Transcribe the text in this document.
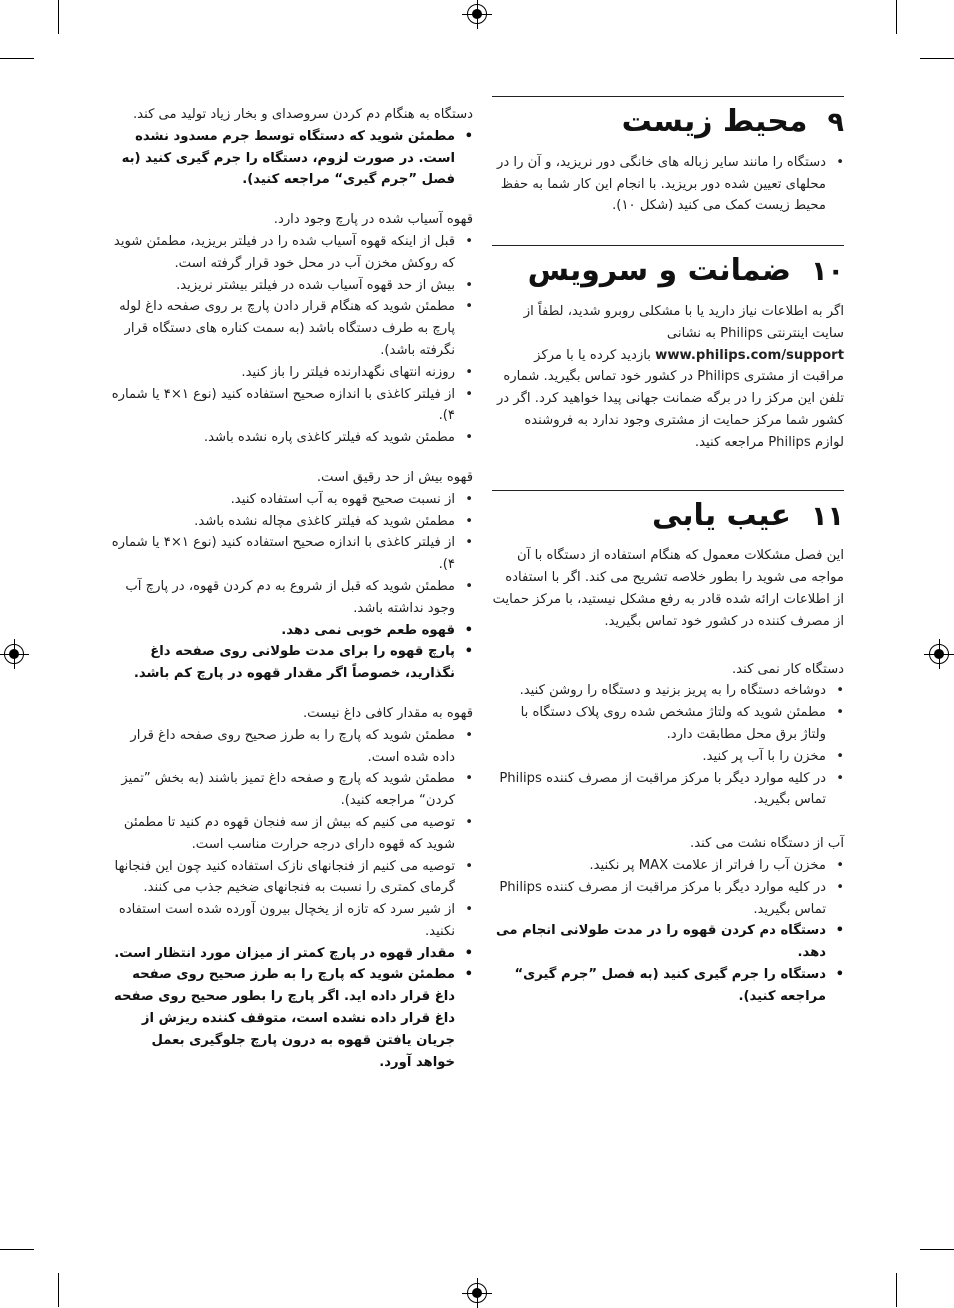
دستگاه به هنگام دم کردن سروصدای و بخار زیاد تولید می کند.

• مطمئن شوید که دستگاه توسط جرم مسدود نشده است. در صورت لزوم، دستگاه را جرم گیری کنید (به فصل ”جرم گیری“ مراجعه کنید).

قهوه آسیاب شده در پارچ وجود دارد.

• قبل از اینکه قهوه آسیاب شده را در فیلتر بریزید، مطمئن شوید که روکش مخزن آب در محل خود قرار گرفته است.
• بیش از حد قهوه آسیاب شده در فیلتر بیشتر نریزید.
• مطمئن شوید که هنگام قرار دادن پارچ بر روی صفحه داغ لوله پارچ به طرف دستگاه باشد (به سمت کناره های دستگاه قرار نگرفته باشد).
• روزنه انتهای نگهدارنده فیلتر را باز کنید.
• از فیلتر کاغذی با اندازه صحیح استفاده کنید (نوع ۱×۴ یا شماره ۴).
• مطمئن شوید که فیلتر کاغذی پاره نشده باشد.

قهوه بیش از حد رقیق است.

• از نسبت صحیح قهوه به آب استفاده کنید.
• مطمئن شوید که فیلتر کاغذی مچاله نشده باشد.
• از فیلتر کاغذی با اندازه صحیح استفاده کنید (نوع ۱×۴ یا شماره ۴).
• مطمئن شوید که قبل از شروع به دم کردن قهوه، در پارچ آب وجود نداشته باشد.
• قهوه طعم خوبی نمی دهد.
• پارچ قهوه را برای مدت طولانی روی صفحه داغ نگذارید، خصوصاً اگر مقدار قهوه در پارچ کم باشد.

قهوه به مقدار کافی داغ نیست.

• مطمئن شوید که پارچ را به طرز صحیح روی صفحه داغ قرار داده شده است.
• مطمئن شوید که پارچ و صفحه داغ تمیز باشند (به بخش ”تمیز کردن“ مراجعه کنید).
• توصیه می کنیم که بیش از سه فنجان قهوه دم کنید تا مطمئن شوید که قهوه دارای درجه حرارت مناسب است.
• توصیه می کنیم از فنجانهای نازک استفاده کنید چون این فنجانها گرمای کمتری را نسبت به فنجانهای ضخیم جذب می کنند.
• از شیر سرد که تازه از یخچال بیرون آورده شده است استفاده نکنید.
• مقدار قهوه در پارچ کمتر از میزان مورد انتظار است.
• مطمئن شوید که پارچ را به طرز صحیح روی صفحه داغ قرار داده اید. اگر پارچ را بطور صحیح روی صفحه داغ قرار داده نشده است، متوقف کننده ریزش از جریان یافتن قهوه به درون پارچ جلوگیری بعمل خواهد آورد.
۹
محیط زیست
• دستگاه را مانند سایر زباله های خانگی دور نریزید، و آن را در محلهای تعیین شده دور بریزید. با انجام این کار شما به حفظ محیط زیست کمک می کنید (شکل ۱۰).
۱۰
ضمانت و سرویس

اگر به اطلاعات نیاز دارید یا با مشکلی روبرو شدید، لطفاً از سایت اینترنتی Philips به نشانی www.philips.com/support بازدید کرده یا با مرکز مراقبت از مشتری Philips در کشور خود تماس بگیرید. شماره تلفن این مرکز را در برگه ضمانت جهانی پیدا خواهید کرد. اگر در کشور شما مرکز حمایت از مشتری وجود ندارد به فروشنده لوازم Philips مراجعه کنید.

۱۱
عیب یابی

این فصل مشکلات معمول که هنگام استفاده از دستگاه با آن مواجه می شوید را بطور خلاصه تشریح می کند. اگر با استفاده از اطلاعات ارائه شده قادر به رفع مشکل نیستید، با مرکز حمایت از مصرف کننده در کشور خود تماس بگیرید.

دستگاه کار نمی کند.

• دوشاخه دستگاه را به پریز بزنید و دستگاه را روشن کنید.
• مطمئن شوید که ولتاژ مشخص شده روی پلاک دستگاه با ولتاژ برق محل مطابقت دارد.
• مخزن را با آب پر کنید.
• در کلیه موارد دیگر با مرکز مراقبت از مصرف کننده Philips تماس بگیرید.

آب از دستگاه نشت می کند.

• مخزن آب را فراتر از علامت MAX پر نکنید.
• در کلیه موارد دیگر با مرکز مراقبت از مصرف کننده Philips تماس بگیرید.
• دستگاه دم کردن قهوه را در مدت طولانی انجام می دهد.
• دستگاه را جرم گیری کنید (به فصل ”جرم گیری“ مراجعه کنید).
